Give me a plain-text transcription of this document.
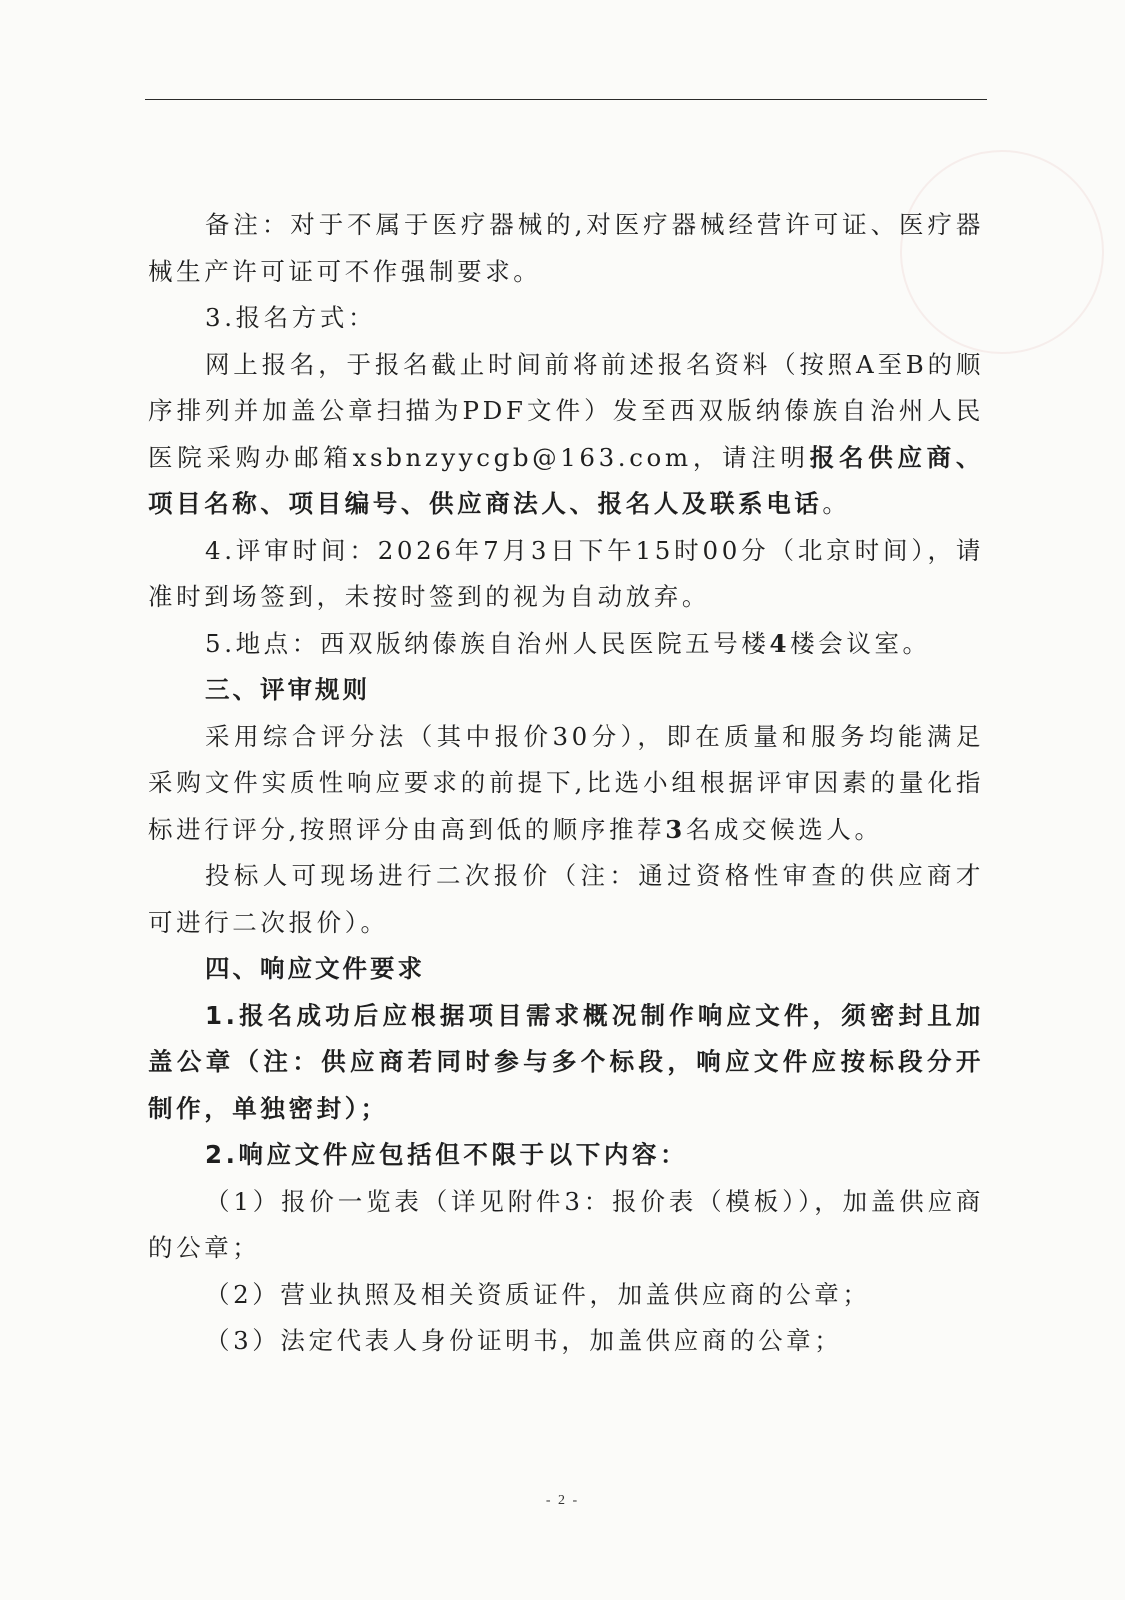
备注：对于不属于医疗器械的,对医疗器械经营许可证、医疗器械生产许可证可不作强制要求。

3.报名方式：

网上报名，于报名截止时间前将前述报名资料（按照A至B的顺序排列并加盖公章扫描为PDF文件）发至西双版纳傣族自治州人民医院采购办邮箱xsbnzyycgb@163.com，请注明报名供应商、项目名称、项目编号、供应商法人、报名人及联系电话。

4.评审时间：2026年7月3日下午15时00分（北京时间），请准时到场签到，未按时签到的视为自动放弃。

5.地点：西双版纳傣族自治州人民医院五号楼4楼会议室。

三、评审规则

采用综合评分法（其中报价30分），即在质量和服务均能满足采购文件实质性响应要求的前提下,比选小组根据评审因素的量化指标进行评分,按照评分由高到低的顺序推荐3名成交候选人。

投标人可现场进行二次报价（注：通过资格性审查的供应商才可进行二次报价）。

四、响应文件要求

1.报名成功后应根据项目需求概况制作响应文件，须密封且加盖公章（注：供应商若同时参与多个标段，响应文件应按标段分开制作，单独密封）；

2.响应文件应包括但不限于以下内容：

（1）报价一览表（详见附件3：报价表（模板）），加盖供应商的公章；

（2）营业执照及相关资质证件，加盖供应商的公章；

（3）法定代表人身份证明书，加盖供应商的公章；

- 2 -
